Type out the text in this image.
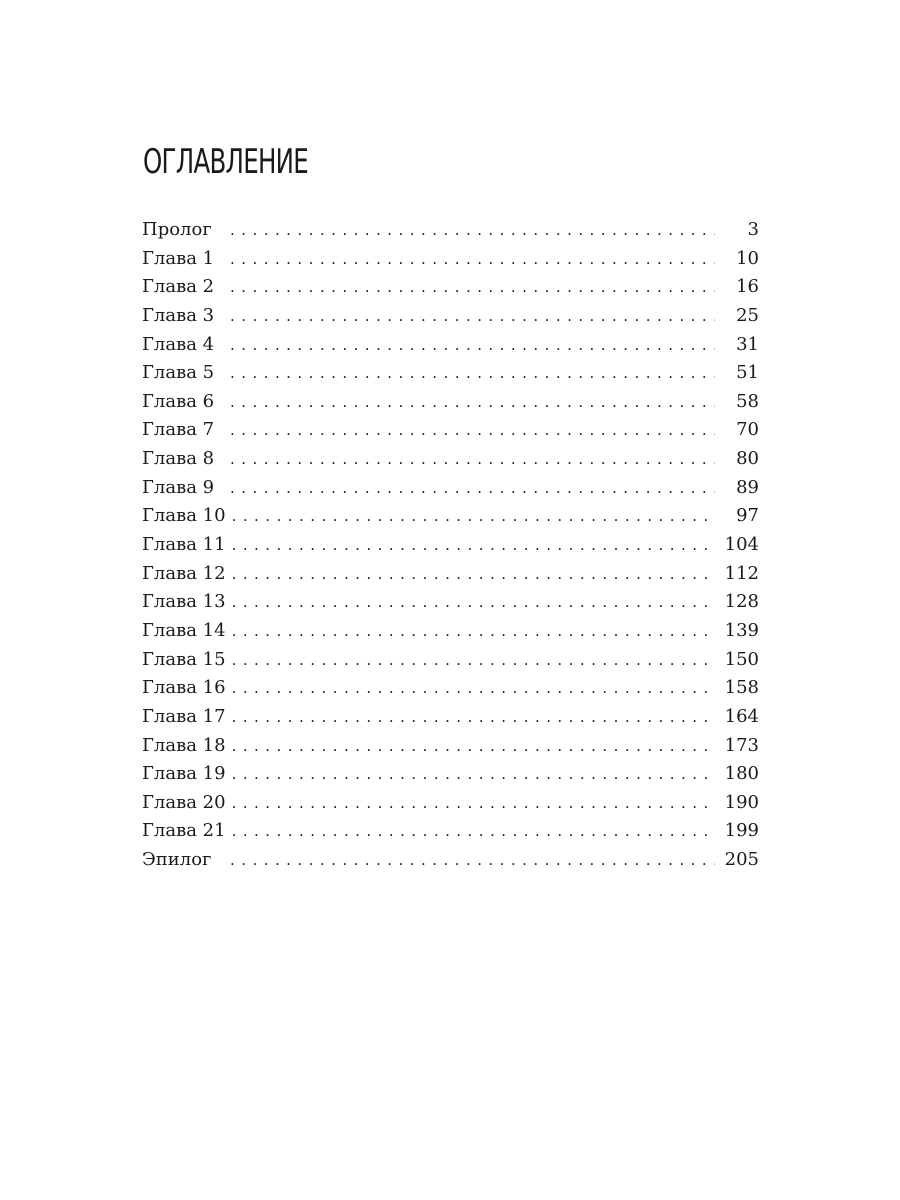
ОГЛАВЛЕНИЕ
Пролог . . .	3
Глава 1 . . .	10
Глава 2 . . .	16
Глава 3 . . .	25
Глава 4 . . .	31
Глава 5 . . .	51
Глава 6 . . .	58
Глава 7 . . .	70
Глава 8 . . .	80
Глава 9 . . .	89
Глава 10 . . .	97
Глава 11 . . .	104
Глава 12 . . .	112
Глава 13 . . .	128
Глава 14 . . .	139
Глава 15 . . .	150
Глава 16 . . .	158
Глава 17 . . .	164
Глава 18 . . .	173
Глава 19 . . .	180
Глава 20 . . .	190
Глава 21 . . .	199
Эпилог . . .	205
